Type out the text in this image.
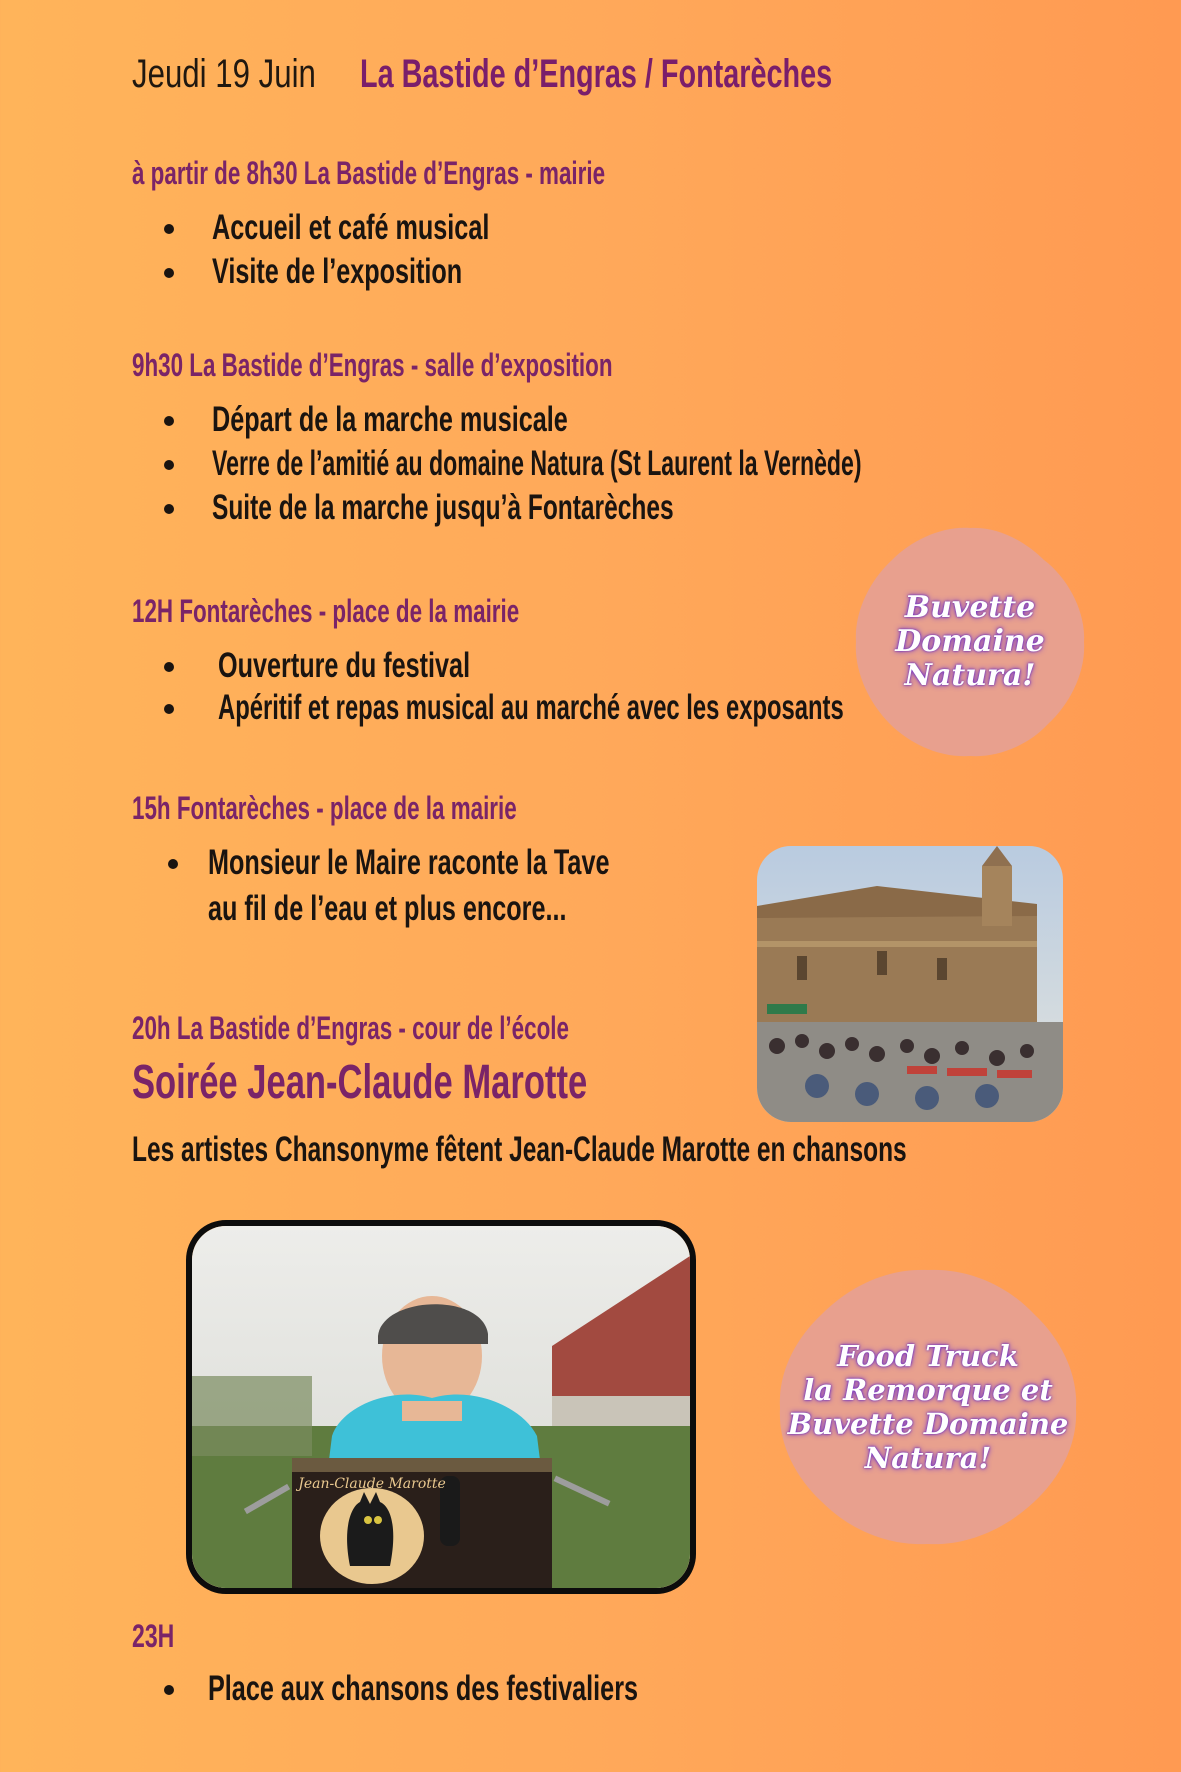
Jeudi 19 Juin La Bastide d’Engras / Fontarèches
à partir de 8h30 La Bastide d’Engras - mairie
Accueil et café musical
Visite de l’exposition
9h30 La Bastide d’Engras - salle d’exposition
Départ de la marche musicale
Verre de l’amitié au domaine Natura (St Laurent la Vernède)
Suite de la marche jusqu’à Fontarèches
12H Fontarèches - place de la mairie
Ouverture du festival
Apéritif et repas musical au marché avec les exposants
15h Fontarèches - place de la mairie
Monsieur le Maire raconte la Tave
au fil de l’eau et plus encore...
20h La Bastide d’Engras - cour de l’école Soirée Jean-Claude Marotte Les artistes Chansonyme fêtent Jean-Claude Marotte en chansons
23H
Place aux chansons des festivaliers
Buvette
Domaine
Natura!
Food Truck
la Remorque et
Buvette Domaine
Natura!
Jean-Claude Marotte
